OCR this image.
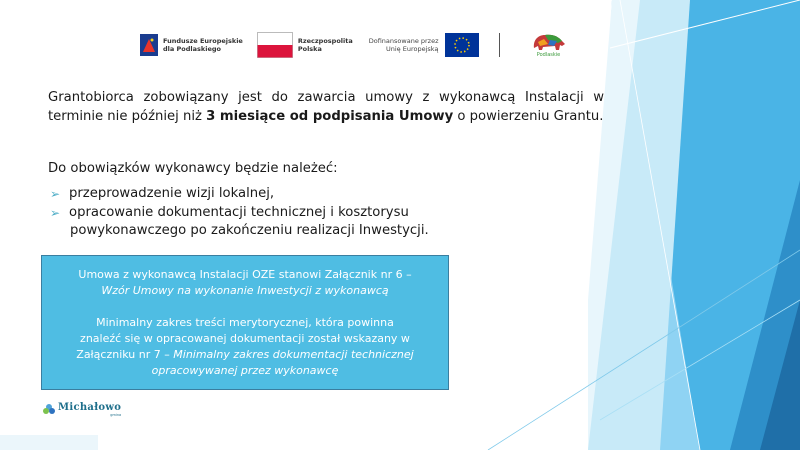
Fundusze Europejskie
dla Podlaskiego
Rzeczpospolita
Polska
Dofinansowane przez
Unię Europejską
Podlaskie

Grantobiorca zobowiązany jest do zawarcia umowy z wykonawcą Instalacji w terminie nie później niż 3 miesiące od podpisania Umowy o powierzeniu Grantu.

Do obowiązków wykonawcy będzie należeć:

➢ przeprowadzenie wizji lokalnej,
➢ opracowanie dokumentacji technicznej i kosztorysu
powykonawczego po zakończeniu realizacji Inwestycji.

Umowa z wykonawcą Instalacji OZE stanowi Załącznik nr 6 –

Wzór Umowy na wykonanie Inwestycji z wykonawcą

Minimalny zakres treści merytorycznej, która powinna

znaleźć się w opracowanej dokumentacji został wskazany w

Załączniku nr 7 – Minimalny zakres dokumentacji technicznej

opracowywanej przez wykonawcę

Michałowo
gmina
